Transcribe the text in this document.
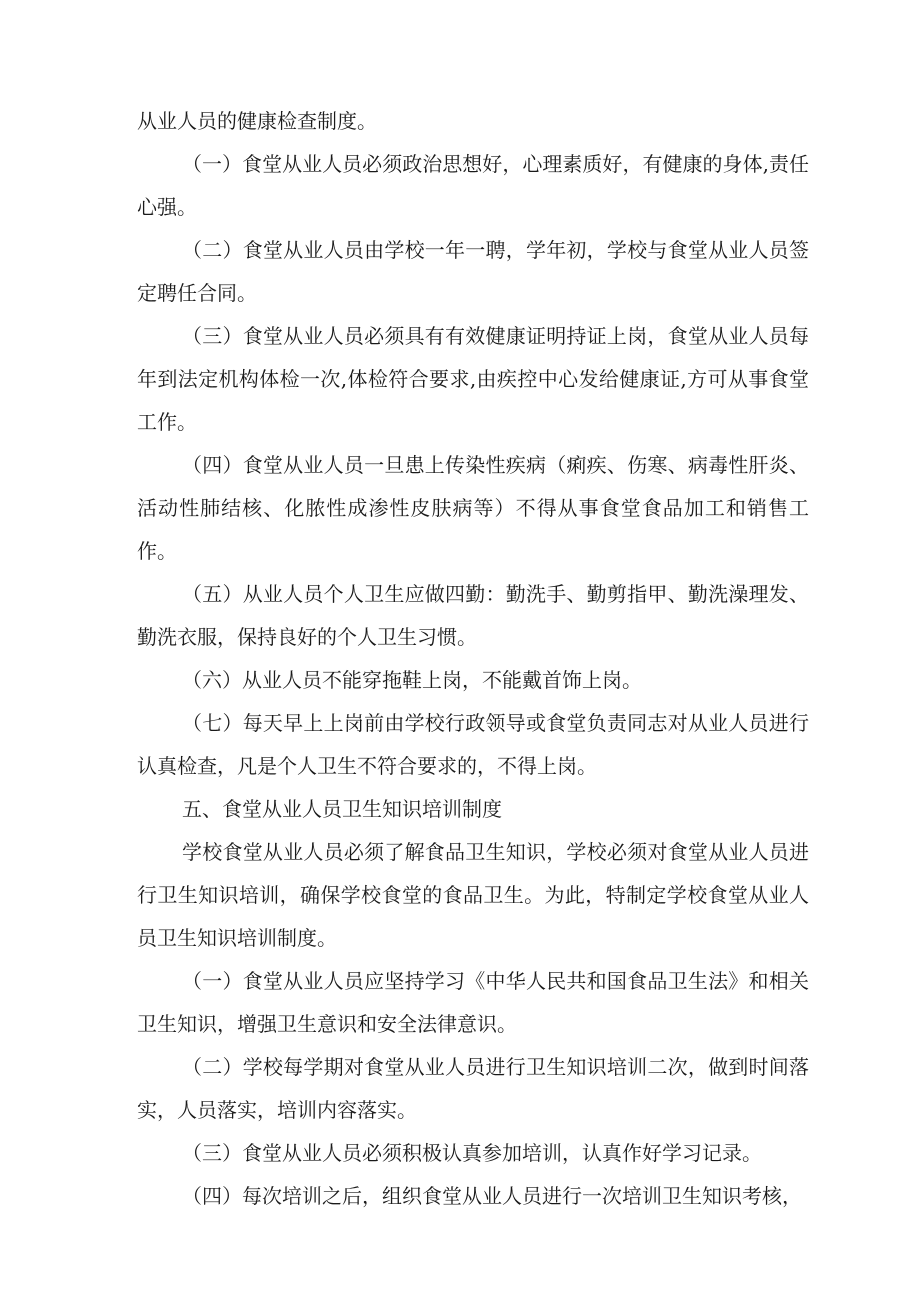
从业人员的健康检查制度。

（一）食堂从业人员必须政治思想好，心理素质好，有健康的身体,责任心强。

（二）食堂从业人员由学校一年一聘，学年初，学校与食堂从业人员签定聘任合同。

（三）食堂从业人员必须具有有效健康证明持证上岗，食堂从业人员每年到法定机构体检一次,体检符合要求,由疾控中心发给健康证,方可从事食堂工作。

（四）食堂从业人员一旦患上传染性疾病（痢疾、伤寒、病毒性肝炎、活动性肺结核、化脓性成渗性皮肤病等）不得从事食堂食品加工和销售工作。

（五）从业人员个人卫生应做四勤：勤洗手、勤剪指甲、勤洗澡理发、勤洗衣服，保持良好的个人卫生习惯。

（六）从业人员不能穿拖鞋上岗，不能戴首饰上岗。

（七）每天早上上岗前由学校行政领导或食堂负责同志对从业人员进行认真检查，凡是个人卫生不符合要求的，不得上岗。

五、食堂从业人员卫生知识培训制度

学校食堂从业人员必须了解食品卫生知识，学校必须对食堂从业人员进行卫生知识培训，确保学校食堂的食品卫生。为此，特制定学校食堂从业人员卫生知识培训制度。

（一）食堂从业人员应坚持学习《中华人民共和国食品卫生法》和相关卫生知识，增强卫生意识和安全法律意识。

（二）学校每学期对食堂从业人员进行卫生知识培训二次，做到时间落实，人员落实，培训内容落实。

（三）食堂从业人员必须积极认真参加培训，认真作好学习记录。

（四）每次培训之后，组织食堂从业人员进行一次培训卫生知识考核，
